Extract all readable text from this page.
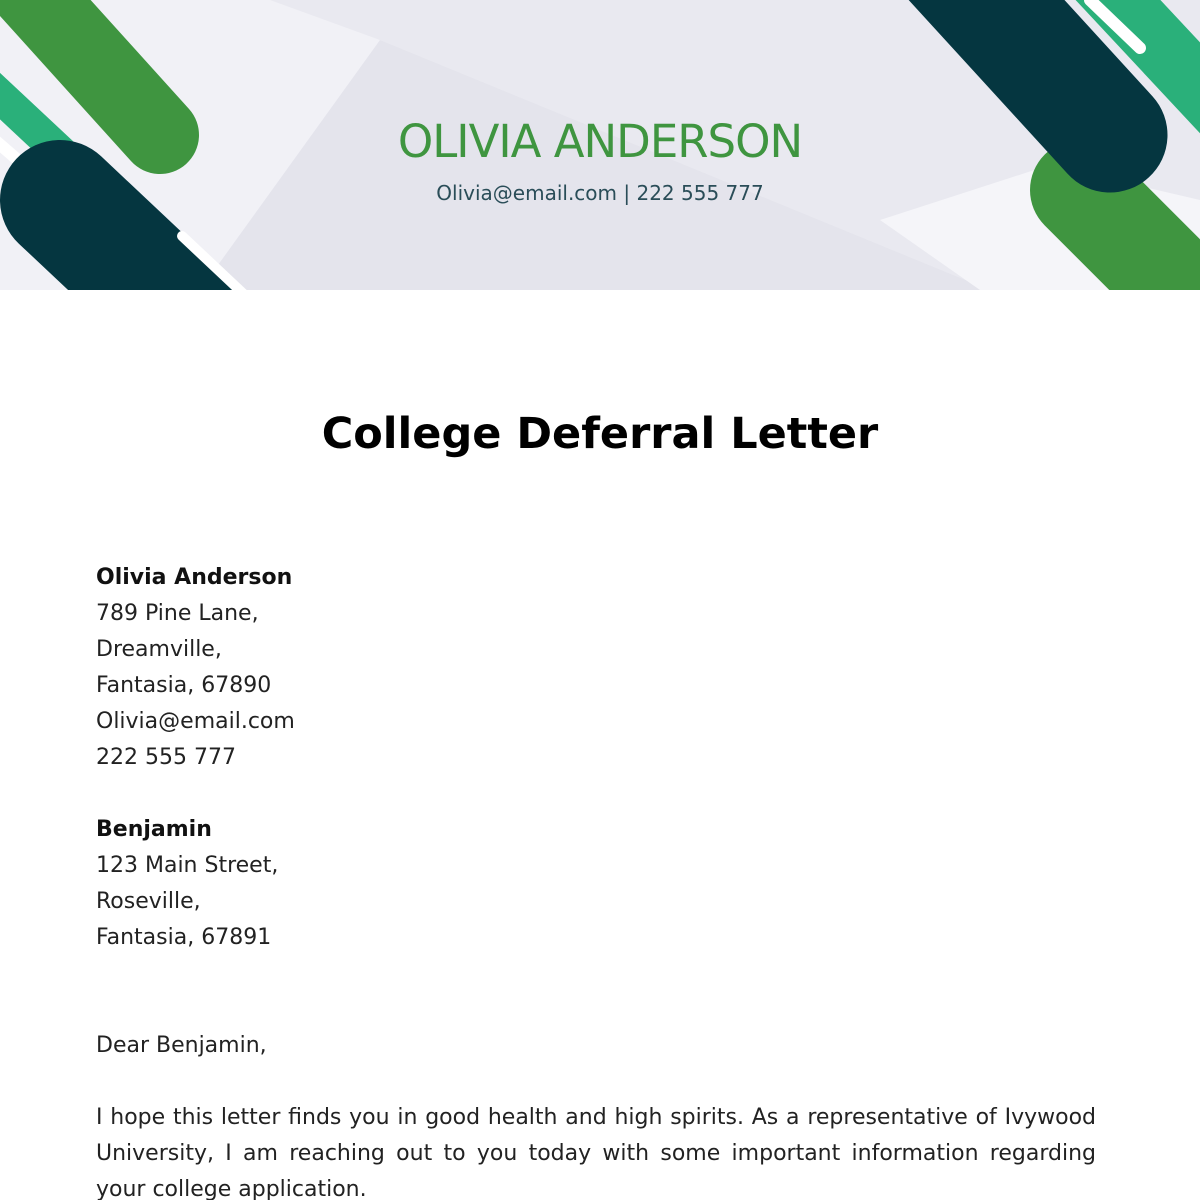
OLIVIA ANDERSON
Olivia@email.com | 222 555 777
College Deferral Letter
Olivia Anderson
789 Pine Lane,
Dreamville,
Fantasia, 67890
Olivia@email.com
222 555 777
Benjamin
123 Main Street,
Roseville,
Fantasia, 67891
Dear Benjamin,
I hope this letter finds you in good health and high spirits. As a representative of Ivywood University, I am reaching out to you today with some important information regarding your college application.
